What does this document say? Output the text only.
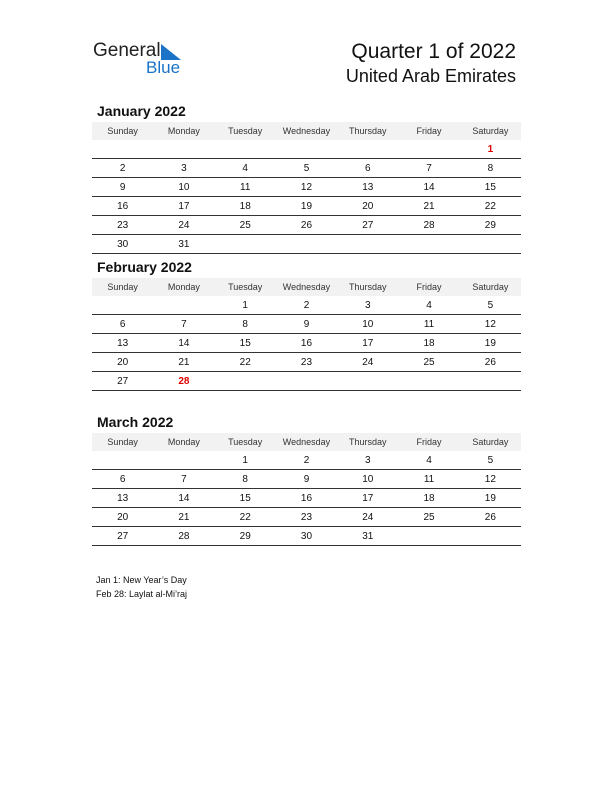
General
Blue
Quarter 1 of 2022
United Arab Emirates
January 2022
Sunday	Monday	Tuesday	Wednesday	Thursday	Friday	Saturday
						1
2	3	4	5	6	7	8
9	10	11	12	13	14	15
16	17	18	19	20	21	22
23	24	25	26	27	28	29
30	31					
February 2022
Sunday	Monday	Tuesday	Wednesday	Thursday	Friday	Saturday
		1	2	3	4	5
6	7	8	9	10	11	12
13	14	15	16	17	18	19
20	21	22	23	24	25	26
27	28					
March 2022
Sunday	Monday	Tuesday	Wednesday	Thursday	Friday	Saturday
		1	2	3	4	5
6	7	8	9	10	11	12
13	14	15	16	17	18	19
20	21	22	23	24	25	26
27	28	29	30	31		
Jan 1: New Year’s Day
Feb 28: Laylat al-Mi’raj
